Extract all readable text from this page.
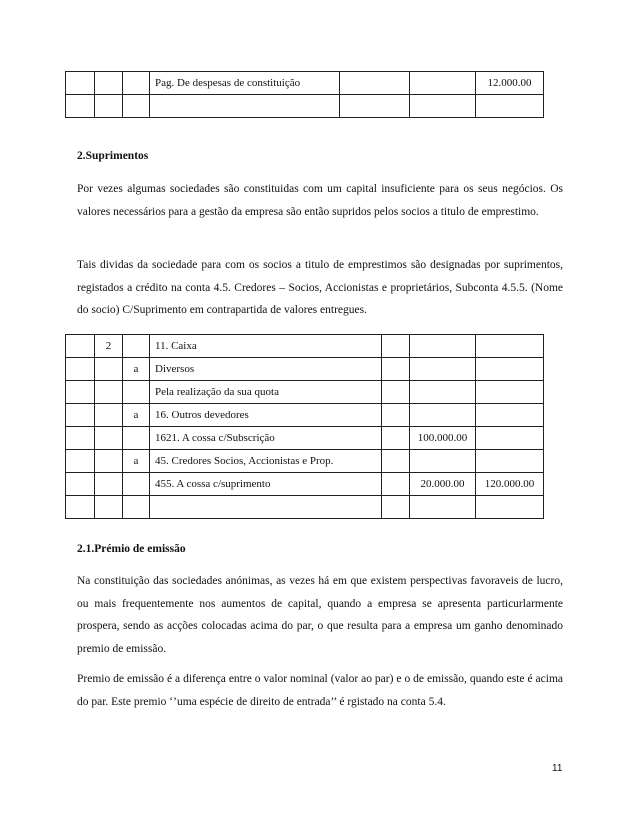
			Pag. De despesas de constituição			12.000.00

2.Suprimentos

Por vezes algumas sociedades são constituidas com um capital insuficiente para os seus negócios. Os valores necessários para a gestão da empresa são então supridos pelos socios a titulo de emprestimo.

Tais dividas da sociedade para com os socios a titulo de emprestimos são designadas por suprimentos, registados a crédito na conta 4.5. Credores – Socios, Accionistas e proprietários, Subconta 4.5.5. (Nome do socio) C/Suprimento em contrapartida de valores entregues.

	2		11. Caixa			
		a	Diversos			
			Pela realização da sua quota			
		a	16. Outros devedores			
			1621. A cossa c/Subscrição		100.000.00	
		a	45. Credores Socios, Accionistas e Prop.			
			455. A cossa c/suprimento		20.000.00	120.000.00

2.1.Prémio de emissão

Na constituição das sociedades anónimas, as vezes há em que existem perspectivas favoraveis de lucro, ou mais frequentemente nos aumentos de capital, quando a empresa se apresenta particurlarmente prospera, sendo as acções colocadas acima do par, o que resulta para a empresa um ganho denominado premio de emissão.

Premio de emissão é a diferença entre o valor nominal (valor ao par) e o de emissão, quando este é acima do par. Este premio ‘’uma espécie de direito de entrada’’ é rgistado na conta 5.4.

11
